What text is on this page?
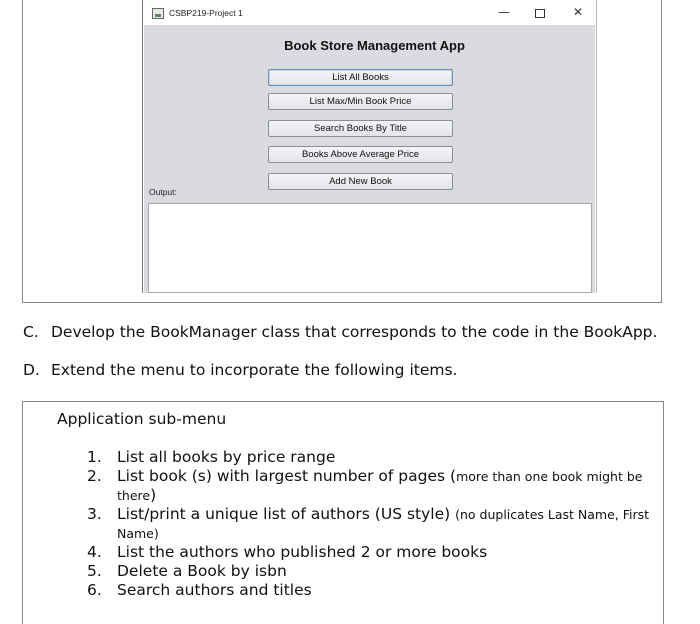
CSBP219-Project 1	—	✕
Book Store Management App
List All Books
List Max/Min Book Price
Search Books By Title
Books Above Average Price
Add New Book
Output:
C. Develop the BookManager class that corresponds to the code in the BookApp.
D. Extend the menu to incorporate the following items.
Application sub-menu
1. List all books by price range
2. List book (s) with largest number of pages (more than one book might be there)
3. List/print a unique list of authors (US style) (no duplicates Last Name, First Name)
4. List the authors who published 2 or more books
5. Delete a Book by isbn
6. Search authors and titles
